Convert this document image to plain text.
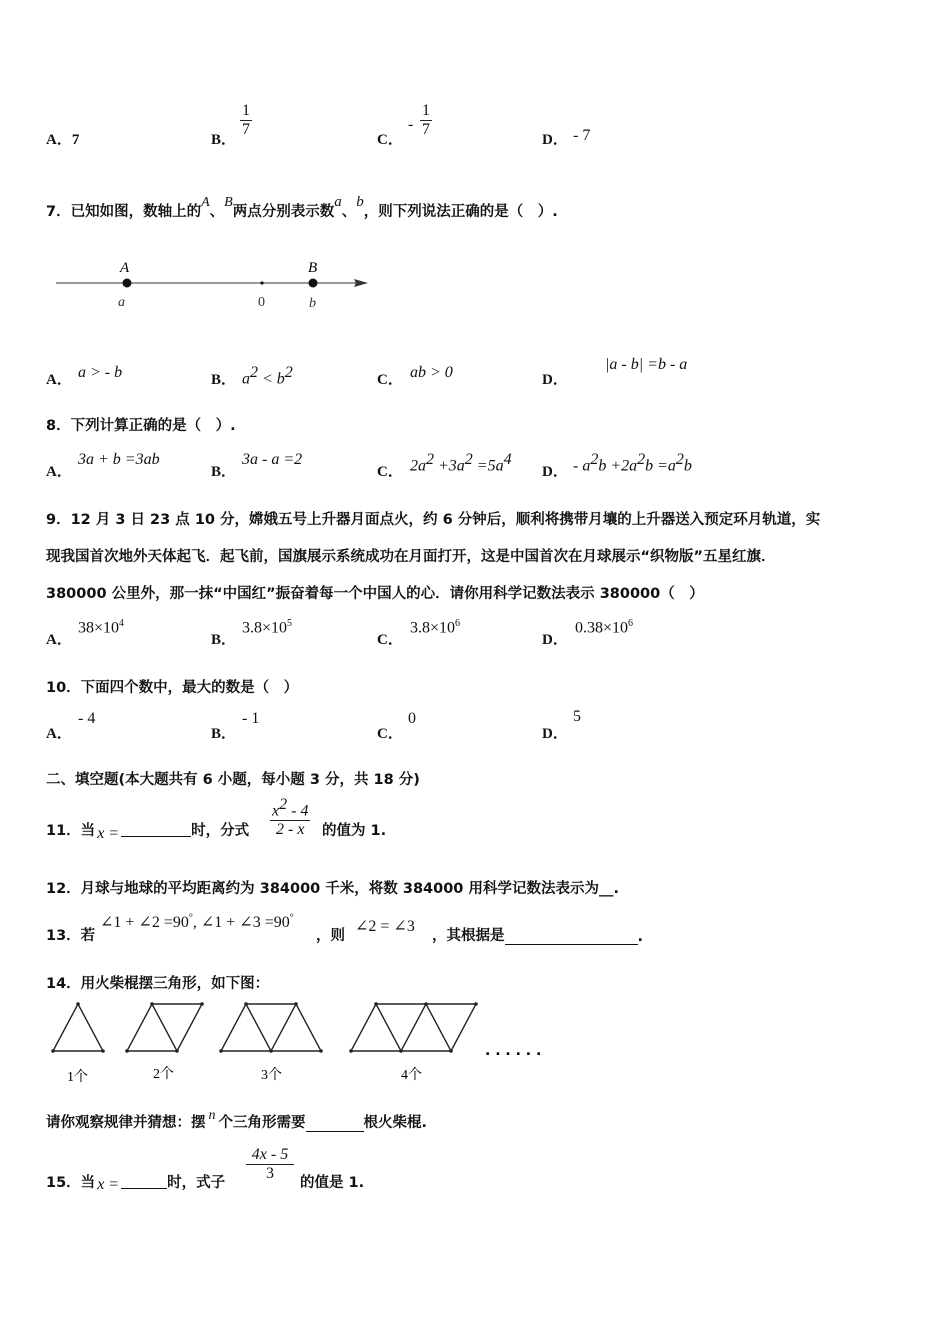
A．7	B．
$\frac{1}{7}$
C．
- $\frac{1}{7}$
D． - 7
7．已知如图，数轴上的A、B两点分别表示数a、b，则下列说法正确的是（　）.
A	B
a	0	b
A． a > - b	B． $a^2 < b^2$	C． ab > 0	D．
|a - b| =b - a
8．下列计算正确的是（　）.
A．
3a + b =3ab
B．
3a - a =2
C． $2a^2 +3a^2 =5a^4$
D． - $a^2b +2a^2b =a^2b$
9．12 月 3 日 23 点 10 分，嫦娥五号上升器月面点火，约 6 分钟后，顺利将携带月壤的上升器送入预定环月轨道，实
现我国首次地外天体起飞．起飞前，国旗展示系统成功在月面打开，这是中国首次在月球展示“织物版”五星红旗．
380000 公里外，那一抹“中国红”振奋着每一个中国人的心．请你用科学记数法表示 380000（　）
A．
$38\times 10^4$
B．
$3.8\times 10^5$
C．
$3.8\times 10^6$
D．
$0.38\times 10^6$
10．下面四个数中，最大的数是（　）
A．
- 4
B．
- 1
C．
0
D．
5
二、填空题(本大题共有 6 小题，每小题 3 分，共 18 分)
11．当 x =	时，分式 $\frac{x^2 - 4}{2 - x}$ 的值为 1.
12．月球与地球的平均距离约为 384000 千米，将数 384000 用科学记数法表示为__.
13．若
∠1 + ∠2 =90°, ∠1 + ∠3 =90°
，则
∠2 = ∠3
，其根据是	.
14．用火柴棍摆三角形，如下图：
1个	2个	3个	4个
. . . . . .
请你观察规律并猜想：摆 n 个三角形需要	根火柴棍.
15．当 x =	时，式子 $\frac{4x - 5}{3}$ 的值是 1.
